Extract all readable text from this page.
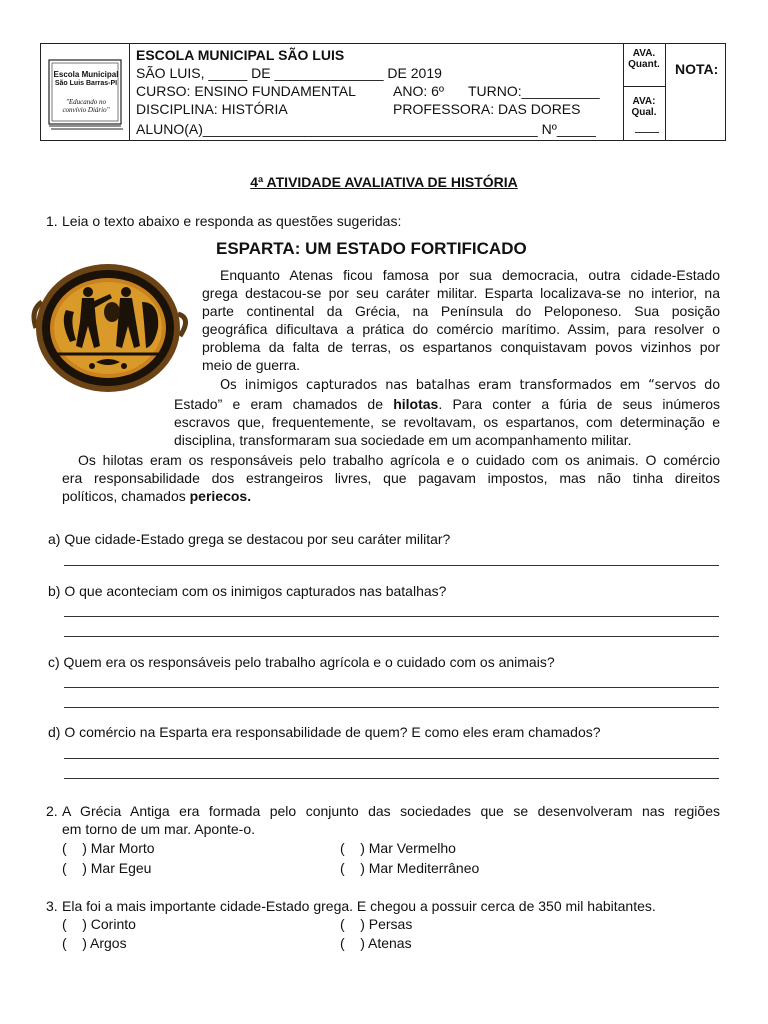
Escola Municipal
São Luis Barras-PI
"Educando no convívio Diário"
ESCOLA MUNICIPAL SÃO LUIS
SÃO LUIS, _____ DE ______________ DE 2019
CURSO: ENSINO FUNDAMENTAL	ANO: 6º TURNO:__________
DISCIPLINA: HISTÓRIA	PROFESSORA: DAS DORES
ALUNO(A)___________________________________________ Nº_____
AVA. Quant.
AVA: Qual.
NOTA:
4ª ATIVIDADE AVALIATIVA DE HISTÓRIA
1. Leia o texto abaixo e responda as questões sugeridas:
ESPARTA: UM ESTADO FORTIFICADO
Enquanto Atenas ficou famosa por sua democracia, outra cidade-Estado
grega destacou-se por seu caráter militar. Esparta localizava-se no interior, na
parte continental da Grécia, na Península do Peloponeso. Sua posição
geográfica dificultava a prática do comércio marítimo. Assim, para resolver o
problema da falta de terras, os espartanos conquistavam povos vizinhos por
meio de guerra.
Os inimigos capturados nas batalhas eram transformados em “servos do
Estado” e eram chamados de hilotas. Para conter a fúria de seus inúmeros
escravos que, frequentemente, se revoltavam, os espartanos, com determinação e
disciplina, transformaram sua sociedade em um acompanhamento militar.
Os hilotas eram os responsáveis pelo trabalho agrícola e o cuidado com os animais. O comércio
era responsabilidade dos estrangeiros livres, que pagavam impostos, mas não tinha direitos
políticos, chamados periecos.
a) Que cidade-Estado grega se destacou por seu caráter militar?
b) O que aconteciam com os inimigos capturados nas batalhas?
c) Quem era os responsáveis pelo trabalho agrícola e o cuidado com os animais?
d) O comércio na Esparta era responsabilidade de quem? E como eles eram chamados?
2. A Grécia Antiga era formada pelo conjunto das sociedades que se desenvolveram nas regiões
em torno de um mar. Aponte-o.
(    ) Mar Morto	(    ) Mar Vermelho
(    ) Mar Egeu	(    ) Mar Mediterrâneo
3. Ela foi a mais importante cidade-Estado grega. E chegou a possuir cerca de 350 mil habitantes.
(    ) Corinto	(    ) Persas
(    ) Argos	(    ) Atenas
